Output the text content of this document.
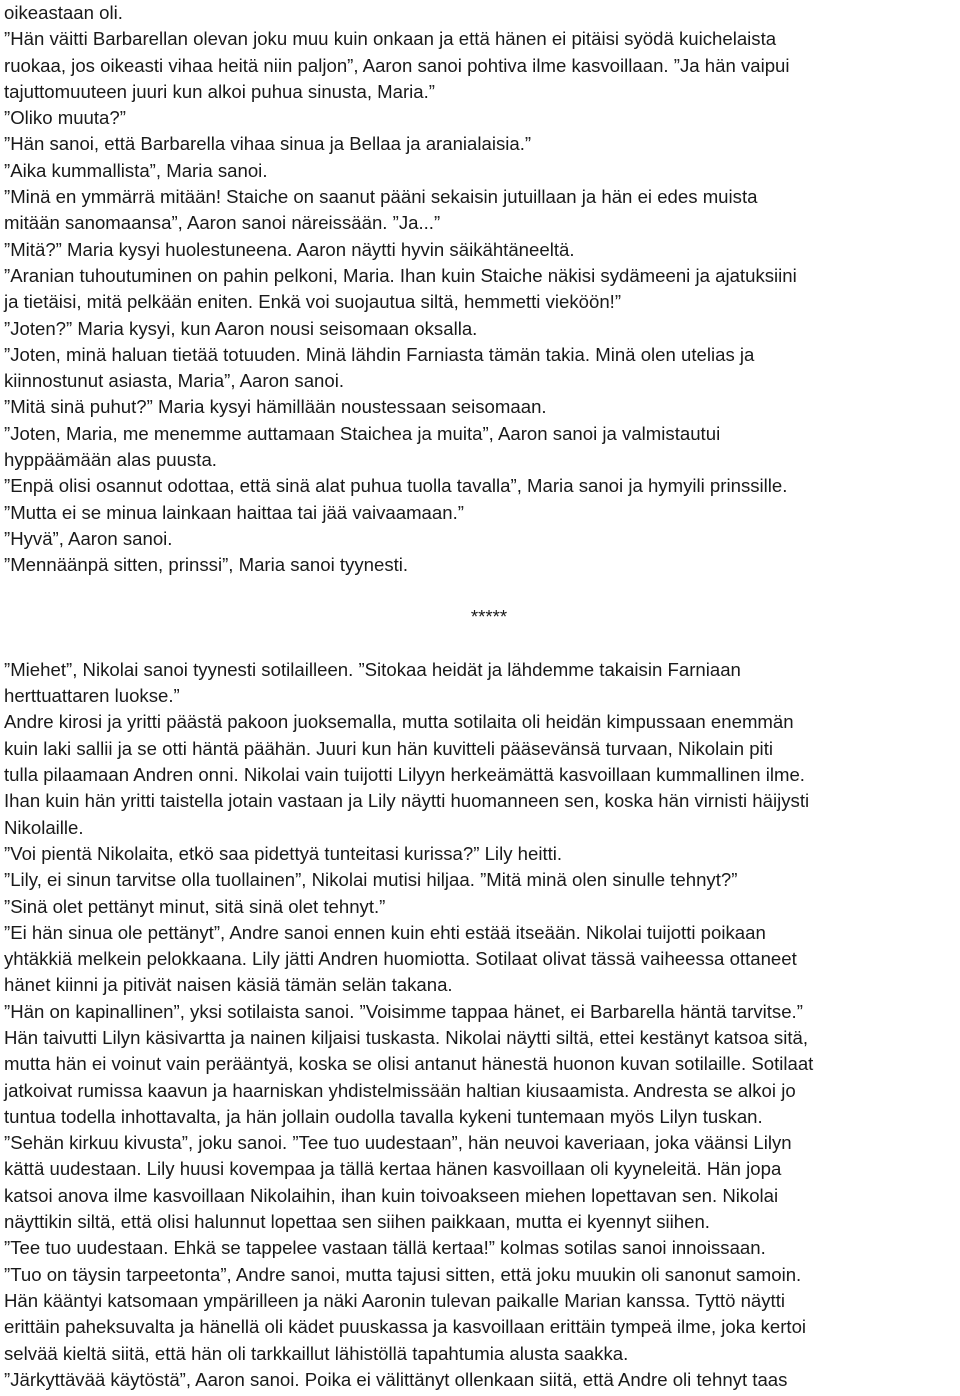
oikeastaan oli.
”Hän väitti Barbarellan olevan joku muu kuin onkaan ja että hänen ei pitäisi syödä kuichelaista
ruokaa, jos oikeasti vihaa heitä niin paljon”, Aaron sanoi pohtiva ilme kasvoillaan. ”Ja hän vaipui
tajuttomuuteen juuri kun alkoi puhua sinusta, Maria.”
”Oliko muuta?”
”Hän sanoi, että Barbarella vihaa sinua ja Bellaa ja aranialaisia.”
”Aika kummallista”, Maria sanoi.
”Minä en ymmärrä mitään! Staiche on saanut pääni sekaisin jutuillaan ja hän ei edes muista
mitään sanomaansa”, Aaron sanoi näreissään. ”Ja...”
”Mitä?” Maria kysyi huolestuneena. Aaron näytti hyvin säikähtäneeltä.
”Aranian tuhoutuminen on pahin pelkoni, Maria. Ihan kuin Staiche näkisi sydämeeni ja ajatuksiini
ja tietäisi, mitä pelkään eniten. Enkä voi suojautua siltä, hemmetti vieköön!”
”Joten?” Maria kysyi, kun Aaron nousi seisomaan oksalla.
”Joten, minä haluan tietää totuuden. Minä lähdin Farniasta tämän takia. Minä olen utelias ja
kiinnostunut asiasta, Maria”, Aaron sanoi.
”Mitä sinä puhut?” Maria kysyi hämillään noustessaan seisomaan.
”Joten, Maria, me menemme auttamaan Staichea ja muita”, Aaron sanoi ja valmistautui
hyppäämään alas puusta.
”Enpä olisi osannut odottaa, että sinä alat puhua tuolla tavalla”, Maria sanoi ja hymyili prinssille.
”Mutta ei se minua lainkaan haittaa tai jää vaivaamaan.”
”Hyvä”, Aaron sanoi.
”Mennäänpä sitten, prinssi”, Maria sanoi tyynesti.
*****
”Miehet”, Nikolai sanoi tyynesti sotilailleen. ”Sitokaa heidät ja lähdemme takaisin Farniaan
herttuattaren luokse.”
Andre kirosi ja yritti päästä pakoon juoksemalla, mutta sotilaita oli heidän kimpussaan enemmän
kuin laki sallii ja se otti häntä päähän. Juuri kun hän kuvitteli pääsevänsä turvaan, Nikolain piti
tulla pilaamaan Andren onni. Nikolai vain tuijotti Lilyyn herkeämättä kasvoillaan kummallinen ilme.
Ihan kuin hän yritti taistella jotain vastaan ja Lily näytti huomanneen sen, koska hän virnisti häijysti
Nikolaille.
”Voi pientä Nikolaita, etkö saa pidettyä tunteitasi kurissa?” Lily heitti.
”Lily, ei sinun tarvitse olla tuollainen”, Nikolai mutisi hiljaa. ”Mitä minä olen sinulle tehnyt?”
”Sinä olet pettänyt minut, sitä sinä olet tehnyt.”
”Ei hän sinua ole pettänyt”, Andre sanoi ennen kuin ehti estää itseään. Nikolai tuijotti poikaan
yhtäkkiä melkein pelokkaana. Lily jätti Andren huomiotta. Sotilaat olivat tässä vaiheessa ottaneet
hänet kiinni ja pitivät naisen käsiä tämän selän takana.
”Hän on kapinallinen”, yksi sotilaista sanoi. ”Voisimme tappaa hänet, ei Barbarella häntä tarvitse.”
Hän taivutti Lilyn käsivartta ja nainen kiljaisi tuskasta. Nikolai näytti siltä, ettei kestänyt katsoa sitä,
mutta hän ei voinut vain perääntyä, koska se olisi antanut hänestä huonon kuvan sotilaille. Sotilaat
jatkoivat rumissa kaavun ja haarniskan yhdistelmissään haltian kiusaamista. Andresta se alkoi jo
tuntua todella inhottavalta, ja hän jollain oudolla tavalla kykeni tuntemaan myös Lilyn tuskan.
”Sehän kirkuu kivusta”, joku sanoi. ”Tee tuo uudestaan”, hän neuvoi kaveriaan, joka väänsi Lilyn
kättä uudestaan. Lily huusi kovempaa ja tällä kertaa hänen kasvoillaan oli kyyneleitä. Hän jopa
katsoi anova ilme kasvoillaan Nikolaihin, ihan kuin toivoakseen miehen lopettavan sen. Nikolai
näyttikin siltä, että olisi halunnut lopettaa sen siihen paikkaan, mutta ei kyennyt siihen.
”Tee tuo uudestaan. Ehkä se tappelee vastaan tällä kertaa!” kolmas sotilas sanoi innoissaan.
”Tuo on täysin tarpeetonta”, Andre sanoi, mutta tajusi sitten, että joku muukin oli sanonut samoin.
Hän kääntyi katsomaan ympärilleen ja näki Aaronin tulevan paikalle Marian kanssa. Tyttö näytti
erittäin paheksuvalta ja hänellä oli kädet puuskassa ja kasvoillaan erittäin tympeä ilme, joka kertoi
selvää kieltä siitä, että hän oli tarkkaillut lähistöllä tapahtumia alusta saakka.
”Järkyttävää käytöstä”, Aaron sanoi. Poika ei välittänyt ollenkaan siitä, että Andre oli tehnyt taas
